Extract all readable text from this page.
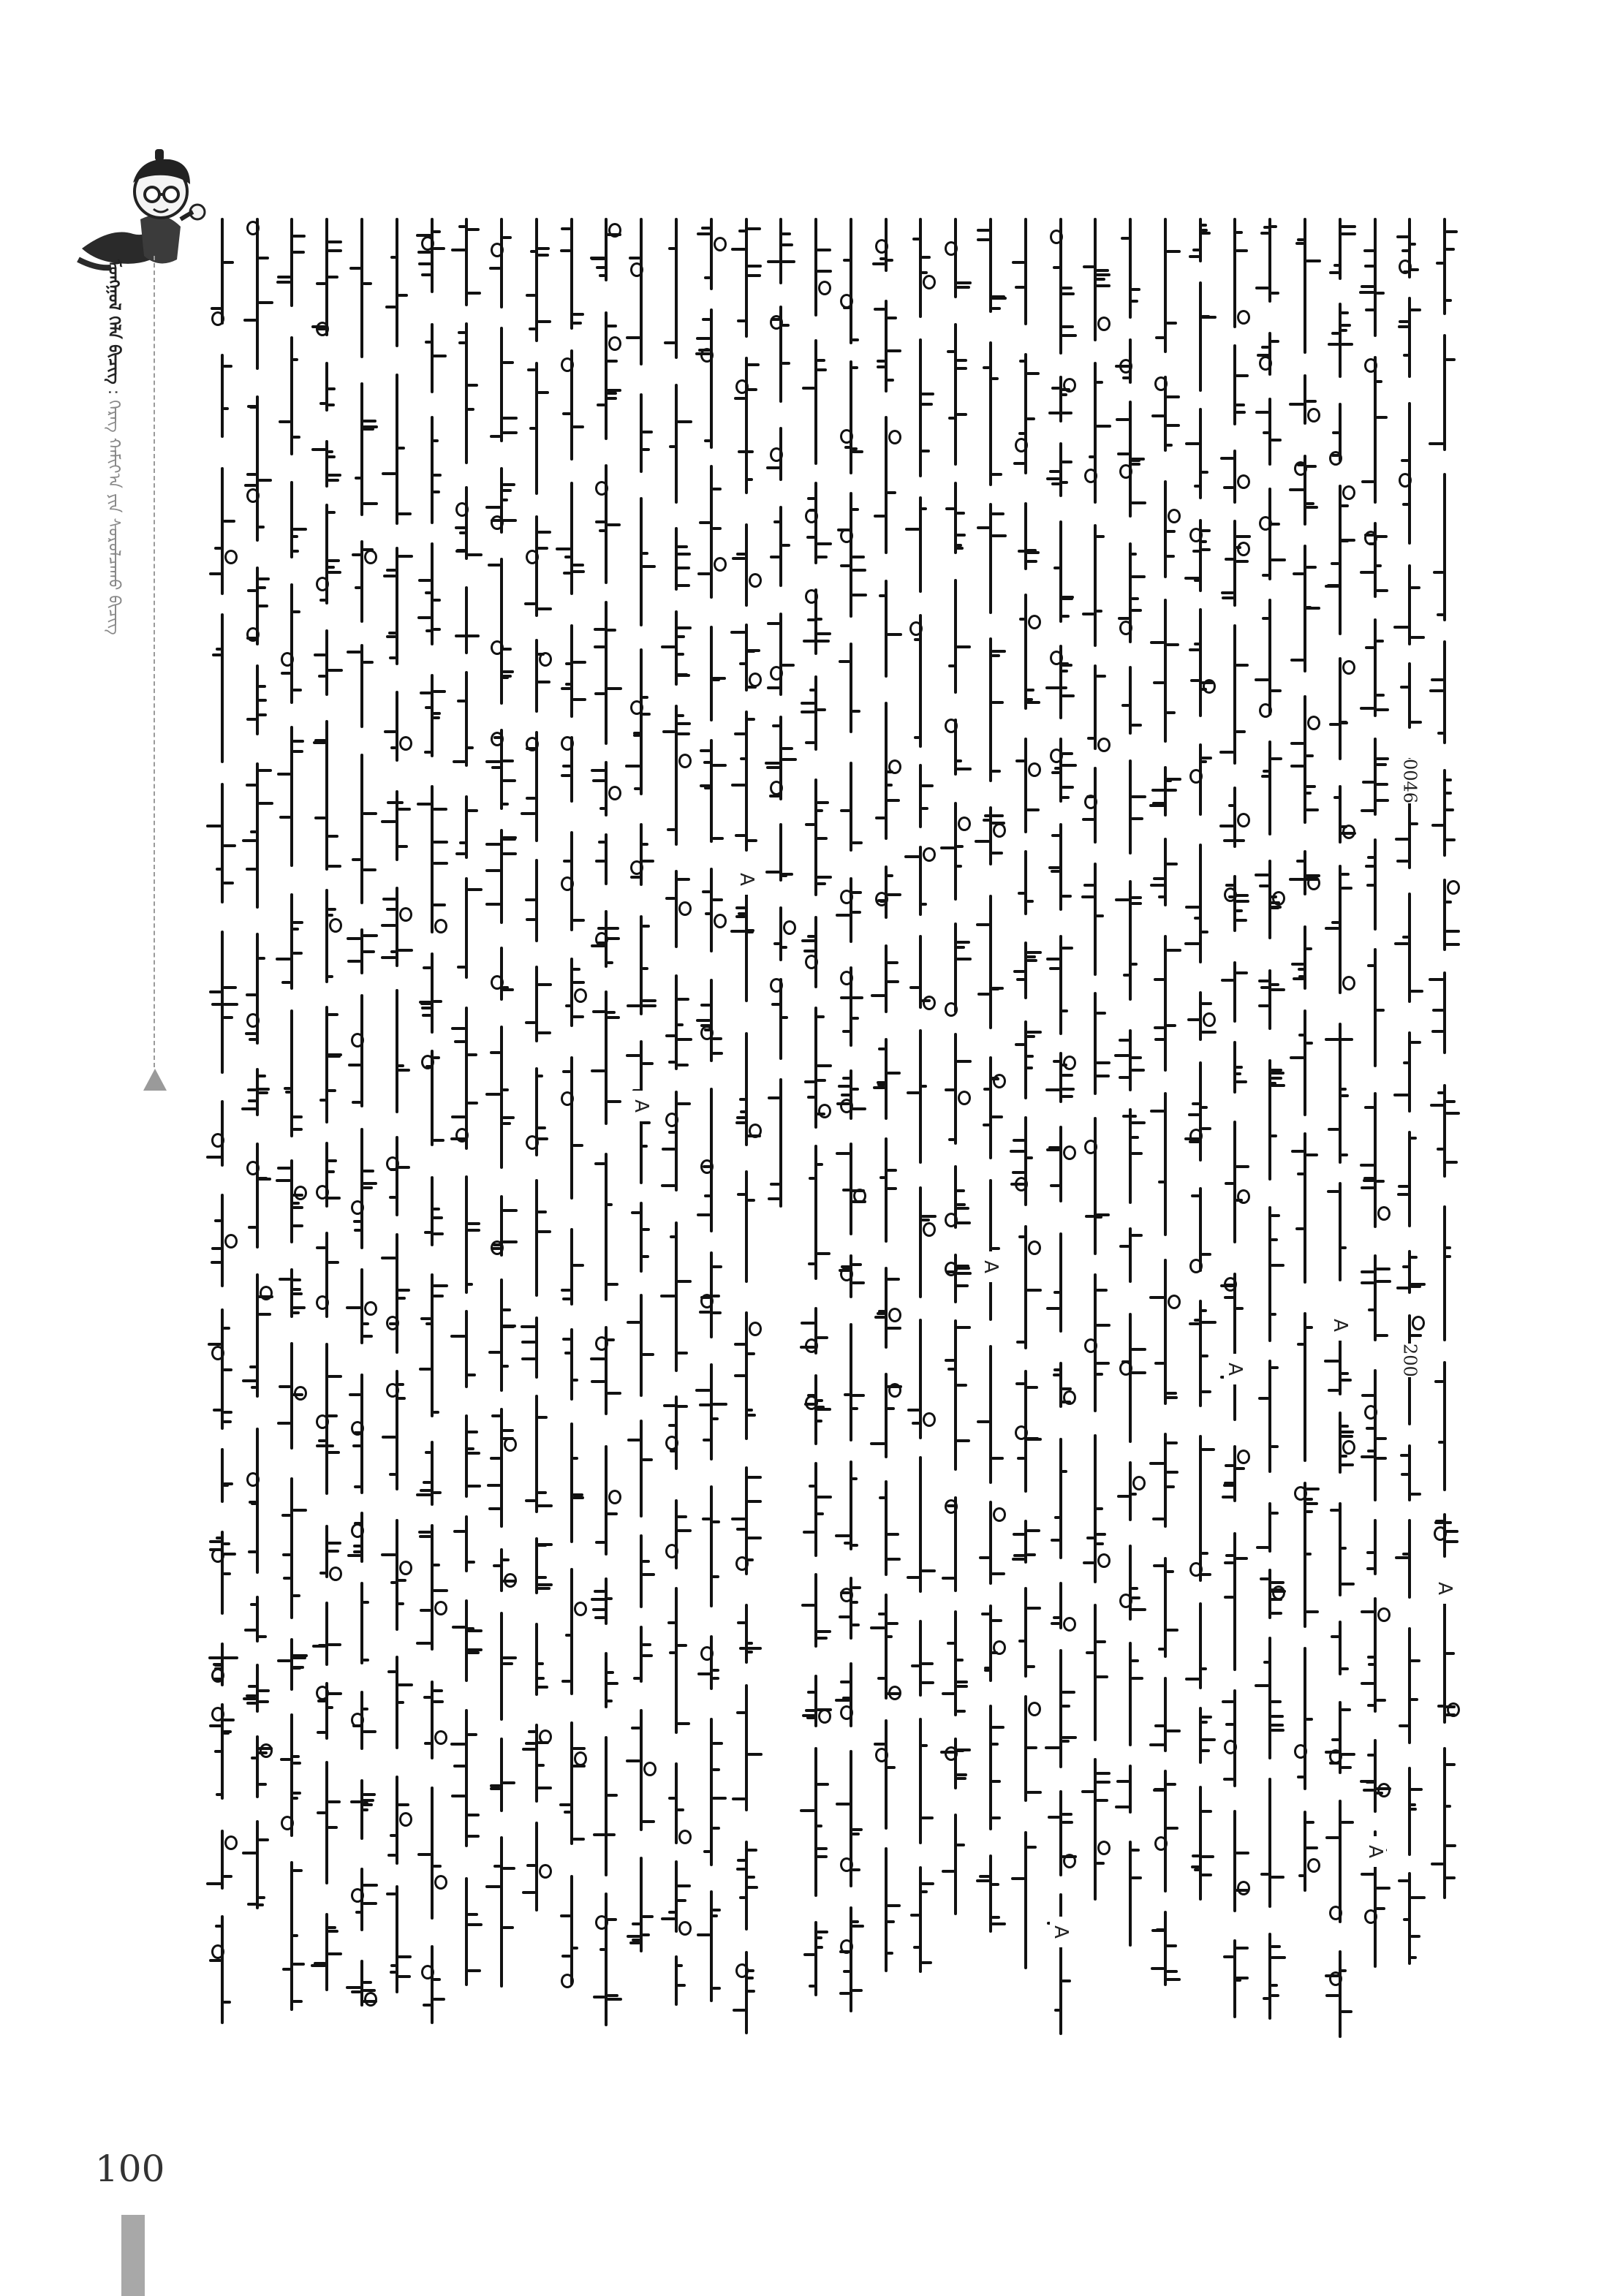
ᠮᠣᠩᠭᠣᠯ ᠬᠡᠯᠡ ᠪᠢᠴᠢᠭ : ᠬᠡᠷᠡᠭ ᠬᠠᠮᠢᠶ᠎ᠠ ᠶᠢᠨ ᠰᠤᠷᠤᠯᠴᠠᠬᠤ ᠪᠢᠴᠢᠭ
0046
200
A
A
A
A
A
A
A
A
100
